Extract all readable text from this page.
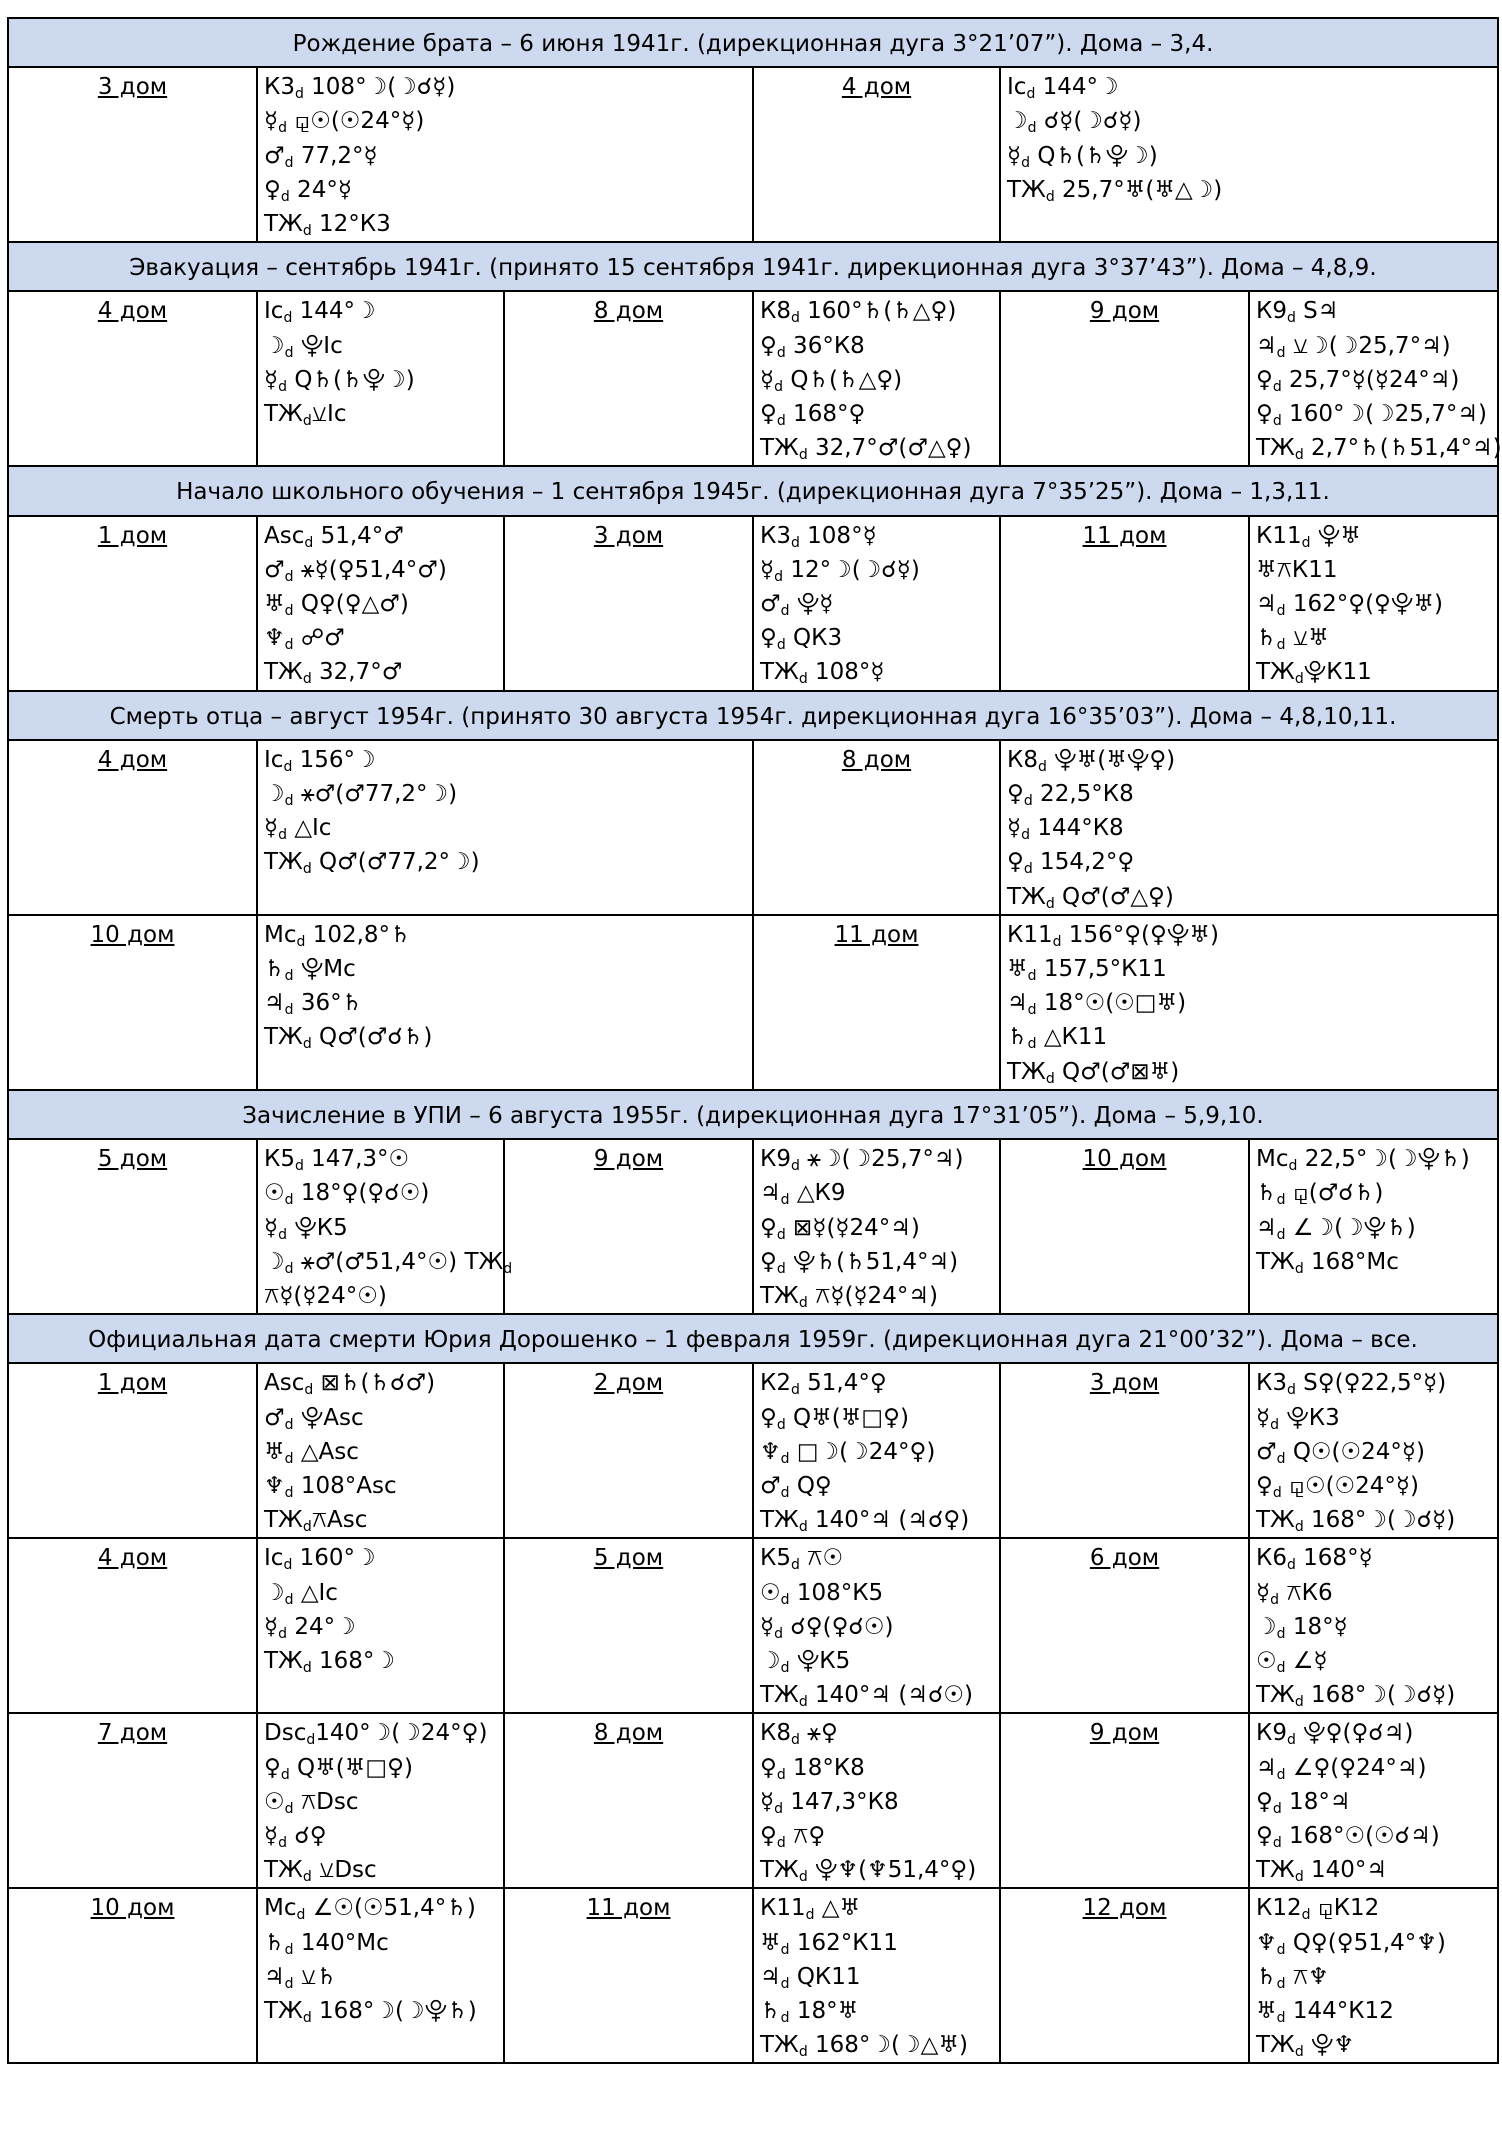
Рождение брата – 6 июня 1941г. (дирекционная дуга 3°21’07”). Дома – 3,4.					
3 дом	$К3_d$ 108°☽(☽☌☿)
$☿_d$ ⚼☉(☉24°☿)
$♂_d$ 77,2°☿
$♀_d$ 24°☿
$ТЖ_d$ 12°К3		4 дом	$Ic_d$ 144°☽
$☽_d$ ☌☿(☽☌☿)
$☿_d$ Q♄(♄⯓☽)
$ТЖ_d$ 25,7°♅(♅△☽)	

Эвакуация – сентябрь 1941г. (принято 15 сентября 1941г. дирекционная дуга 3°37’43”). Дома – 4,8,9.					
4 дом	$Ic_d$ 144°☽
$☽_d$ ⯓Ic
$☿_d$ Q♄(♄⯓☽)
$ТЖ_d⚺Ic$	8 дом	$К8_d$ 160°♄(♄△♀)
$♀_d$ 36°К8
$☿_d$ Q♄(♄△♀)
$♀_d$ 168°♀
$ТЖ_d$ 32,7°♂(♂△♀)	9 дом	$К9_d$ S♃
$♃_d$ ⚺☽(☽25,7°♃)
$♀_d$ 25,7°☿(☿24°♃)
$♀_d$ 160°☽(☽25,7°♃)
$ТЖ_d$ 2,7°♄(♄51,4°♃)

Начало школьного обучения – 1 сентября 1945г. (дирекционная дуга 7°35’25”). Дома – 1,3,11.					
1 дом	Asc$_d$ 51,4°♂
$♂_d$ ⚹☿(♀51,4°♂)
$♅_d$ Q♀(♀△♂)
$♆_d$ ☍♂
$ТЖ_d$ 32,7°♂	3 дом	$К3_d$ 108°☿
$☿_d$ 12°☽(☽☌☿)
$♂_d$ ⯓☿
$♀_d$ QК3
$ТЖ_d$ 108°☿	11 дом	$К11_d$ ⯓♅
♅⚻К11
$♃_d$ 162°♀(♀⯓♅)
$♄_d$ ⚺♅
$ТЖ_d⯓К11$

Смерть отца – август 1954г. (принято 30 августа 1954г. дирекционная дуга 16°35’03”). Дома – 4,8,10,11.					
4 дом	$Ic_d$ 156°☽
$☽_d$ ⚹♂(♂77,2°☽)
$☿_d$ △Ic
$ТЖ_d$ Q♂(♂77,2°☽)		8 дом	$К8_d$ ⯓♅(♅⯓♀)
$♀_d$ 22,5°К8
$☿_d$ 144°К8
$♀_d$ 154,2°♀
$ТЖ_d$ Q♂(♂△♀)	

10 дом	$Mc_d$ 102,8°♄
$♄_d$ ⯓Mc
$♃_d$ 36°♄
$ТЖ_d$ Q♂(♂☌♄)		11 дом	$К11_d$ 156°♀(♀⯓♅)
$♅_d$ 157,5°К11
$♃_d$ 18°☉(☉□♅)
$♄_d$ △К11
$ТЖ_d$ Q♂(♂⊠♅)	

Зачисление в УПИ – 6 августа 1955г. (дирекционная дуга 17°31’05”). Дома – 5,9,10.					
5 дом	$К5_d$ 147,3°☉
$☉_d$ 18°♀(♀☌☉)
$☿_d$ ⯓К5
$☽_d$ ⚹♂(♂51,4°☉) $ТЖ_d$
⚻☿(☿24°☉)	9 дом	$К9_d$ ⚹☽(☽25,7°♃)
$♃_d$ △К9
$♀_d$ ⊠☿(☿24°♃)
$♀_d$ ⯓♄(♄51,4°♃)
$ТЖ_d$ ⚻☿(☿24°♃)	10 дом	$Mc_d$ 22,5°☽(☽⯓♄)
$♄_d$ ⚼(♂☌♄)
$♃_d$ ∠☽(☽⯓♄)
$ТЖ_d$ 168°Mc

Официальная дата смерти Юрия Дорошенко – 1 февраля 1959г. (дирекционная дуга 21°00’32”). Дома – все.					
1 дом	Asc$_d$ ⊠♄(♄☌♂)
$♂_d$ ⯓Asc
$♅_d$ △Asc
$♆_d$ 108°Asc
$ТЖ_d⚻Asc$	2 дом	$К2_d$ 51,4°♀
$♀_d$ Q♅(♅□♀)
$♆_d$ □☽(☽24°♀)
$♂_d$ Q♀
$ТЖ_d$ 140°♃ (♃☌♀)	3 дом	$К3_d$ S♀(♀22,5°☿)
$☿_d$ ⯓К3
$♂_d$ Q☉(☉24°☿)
$♀_d$ ⚼☉(☉24°☿)
$ТЖ_d$ 168°☽(☽☌☿)

4 дом	$Ic_d$ 160°☽
$☽_d$ △Ic
$☿_d$ 24°☽
$ТЖ_d$ 168°☽	5 дом	$К5_d$ ⚻☉
$☉_d$ 108°К5
$☿_d$ ☌♀(♀☌☉)
$☽_d$ ⯓К5
$ТЖ_d$ 140°♃ (♃☌☉)	6 дом	$К6_d$ 168°☿
$☿_d$ ⚻К6
$☽_d$ 18°☿
$☉_d$ ∠☿
$ТЖ_d$ 168°☽(☽☌☿)

7 дом	Dsc$_d$140°☽(☽24°♀)
$♀_d$ Q♅(♅□♀)
$☉_d$ ⚻Dsc
$☿_d$ ☌♀
$ТЖ_d$ ⚺Dsc	8 дом	$К8_d$ ⚹♀
$♀_d$ 18°К8
$☿_d$ 147,3°К8
$♀_d$ ⚻♀
$ТЖ_d$ ⯓♆(♆51,4°♀)	9 дом	$К9_d$ ⯓♀(♀☌♃)
$♃_d$ ∠♀(♀24°♃)
$♀_d$ 18°♃
$♀_d$ 168°☉(☉☌♃)
$ТЖ_d$ 140°♃

10 дом	$Mc_d$ ∠☉(☉51,4°♄)
$♄_d$ 140°Mc
$♃_d$ ⚺♄
$ТЖ_d$ 168°☽(☽⯓♄)	11 дом	$К11_d$ △♅
$♅_d$ 162°К11
$♃_d$ QК11
$♄_d$ 18°♅
$ТЖ_d$ 168°☽(☽△♅)	12 дом	$К12_d$ ⚼К12
$♆_d$ Q♀(♀51,4°♆)
$♄_d$ ⚻♆
$♅_d$ 144°К12
$ТЖ_d$ ⯓♆
